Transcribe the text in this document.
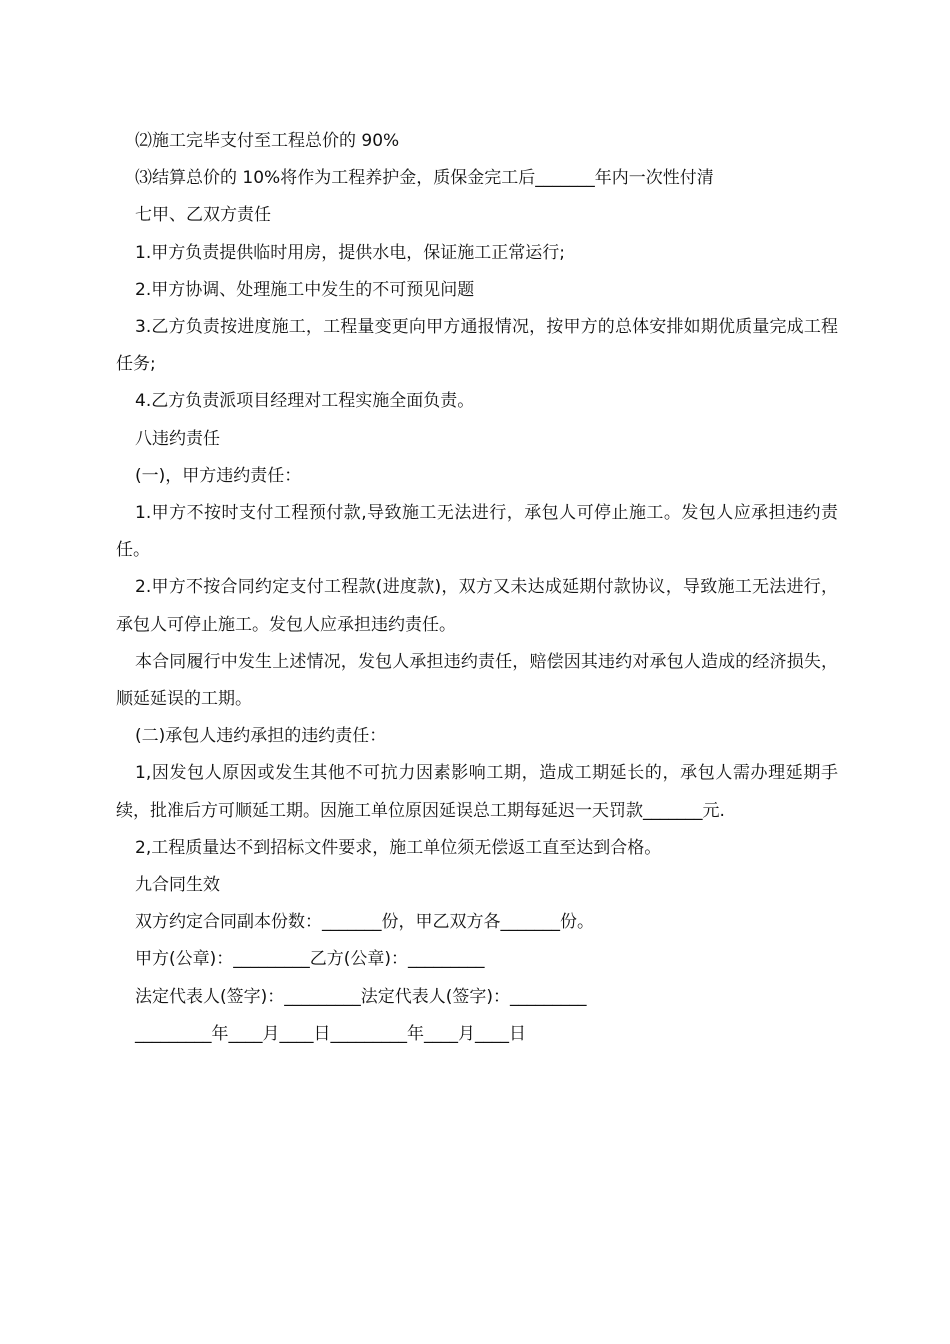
⑵施工完毕支付至工程总价的 90%

⑶结算总价的 10%将作为工程养护金，质保金完工后_______年内一次性付清

七甲、乙双方责任

1.甲方负责提供临时用房，提供水电，保证施工正常运行;

2.甲方协调、处理施工中发生的不可预见问题

3.乙方负责按进度施工，工程量变更向甲方通报情况，按甲方的总体安排如期优质量完成工程任务;

4.乙方负责派项目经理对工程实施全面负责。

八违约责任

(一)，甲方违约责任：

1.甲方不按时支付工程预付款,导致施工无法进行，承包人可停止施工。发包人应承担违约责任。

2.甲方不按合同约定支付工程款(进度款)，双方又未达成延期付款协议，导致施工无法进行，承包人可停止施工。发包人应承担违约责任。

本合同履行中发生上述情况，发包人承担违约责任，赔偿因其违约对承包人造成的经济损失，顺延延误的工期。

(二)承包人违约承担的违约责任：

1,因发包人原因或发生其他不可抗力因素影响工期，造成工期延长的，承包人需办理延期手续，批准后方可顺延工期。因施工单位原因延误总工期每延迟一天罚款_______元.

2,工程质量达不到招标文件要求，施工单位须无偿返工直至达到合格。

九合同生效

双方约定合同副本份数：_______份，甲乙双方各_______份。

甲方(公章)：_________乙方(公章)：_________

法定代表人(签字)：_________法定代表人(签字)：_________

_________年____月____日_________年____月____日
